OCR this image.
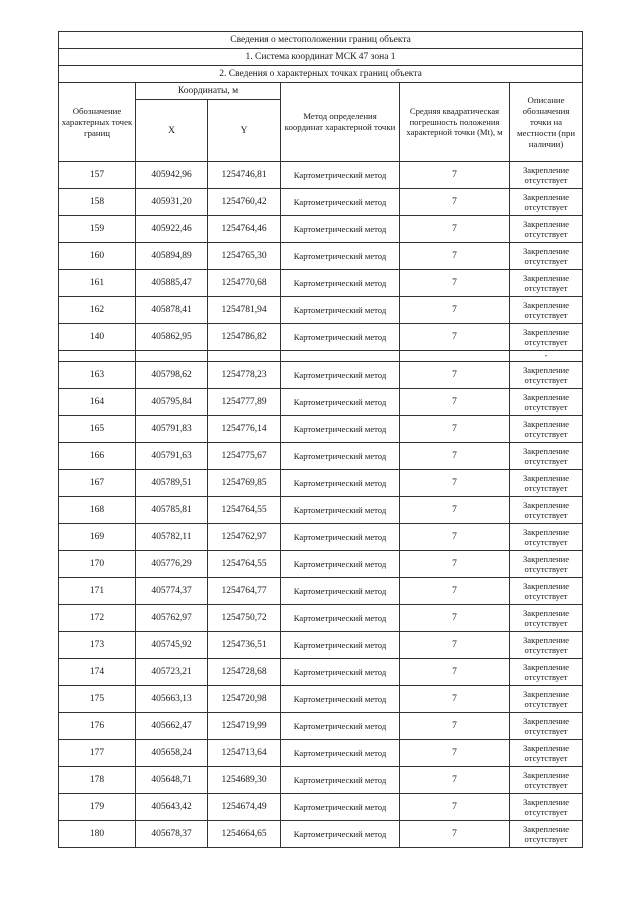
Сведения о местоположении границ объекта					
1. Система координат МСК 47 зона 1					
2. Сведения о характерных точках границ объекта					
Обозначение характерных точек границ	Координаты, м		Метод определения координат характерной точки	Средняя квадратическая погрешность положения характерной точки (Mt), м	Описание обозначения точки на местности (при наличии)
	X	Y			
157	405942,96	1254746,81	Картометрический метод	7	Закрепление отсутствует
158	405931,20	1254760,42	Картометрический метод	7	Закрепление отсутствует
159	405922,46	1254764,46	Картометрический метод	7	Закрепление отсутствует
160	405894,89	1254765,30	Картометрический метод	7	Закрепление отсутствует
161	405885,47	1254770,68	Картометрический метод	7	Закрепление отсутствует
162	405878,41	1254781,94	Картометрический метод	7	Закрепление отсутствует
140	405862,95	1254786,82	Картометрический метод	7	Закрепление отсутствует
					-
163	405798,62	1254778,23	Картометрический метод	7	Закрепление отсутствует
164	405795,84	1254777,89	Картометрический метод	7	Закрепление отсутствует
165	405791,83	1254776,14	Картометрический метод	7	Закрепление отсутствует
166	405791,63	1254775,67	Картометрический метод	7	Закрепление отсутствует
167	405789,51	1254769,85	Картометрический метод	7	Закрепление отсутствует
168	405785,81	1254764,55	Картометрический метод	7	Закрепление отсутствует
169	405782,11	1254762,97	Картометрический метод	7	Закрепление отсутствует
170	405776,29	1254764,55	Картометрический метод	7	Закрепление отсутствует
171	405774,37	1254764,77	Картометрический метод	7	Закрепление отсутствует
172	405762,97	1254750,72	Картометрический метод	7	Закрепление отсутствует
173	405745,92	1254736,51	Картометрический метод	7	Закрепление отсутствует
174	405723,21	1254728,68	Картометрический метод	7	Закрепление отсутствует
175	405663,13	1254720,98	Картометрический метод	7	Закрепление отсутствует
176	405662,47	1254719,99	Картометрический метод	7	Закрепление отсутствует
177	405658,24	1254713,64	Картометрический метод	7	Закрепление отсутствует
178	405648,71	1254689,30	Картометрический метод	7	Закрепление отсутствует
179	405643,42	1254674,49	Картометрический метод	7	Закрепление отсутствует
180	405678,37	1254664,65	Картометрический метод	7	Закрепление отсутствует
